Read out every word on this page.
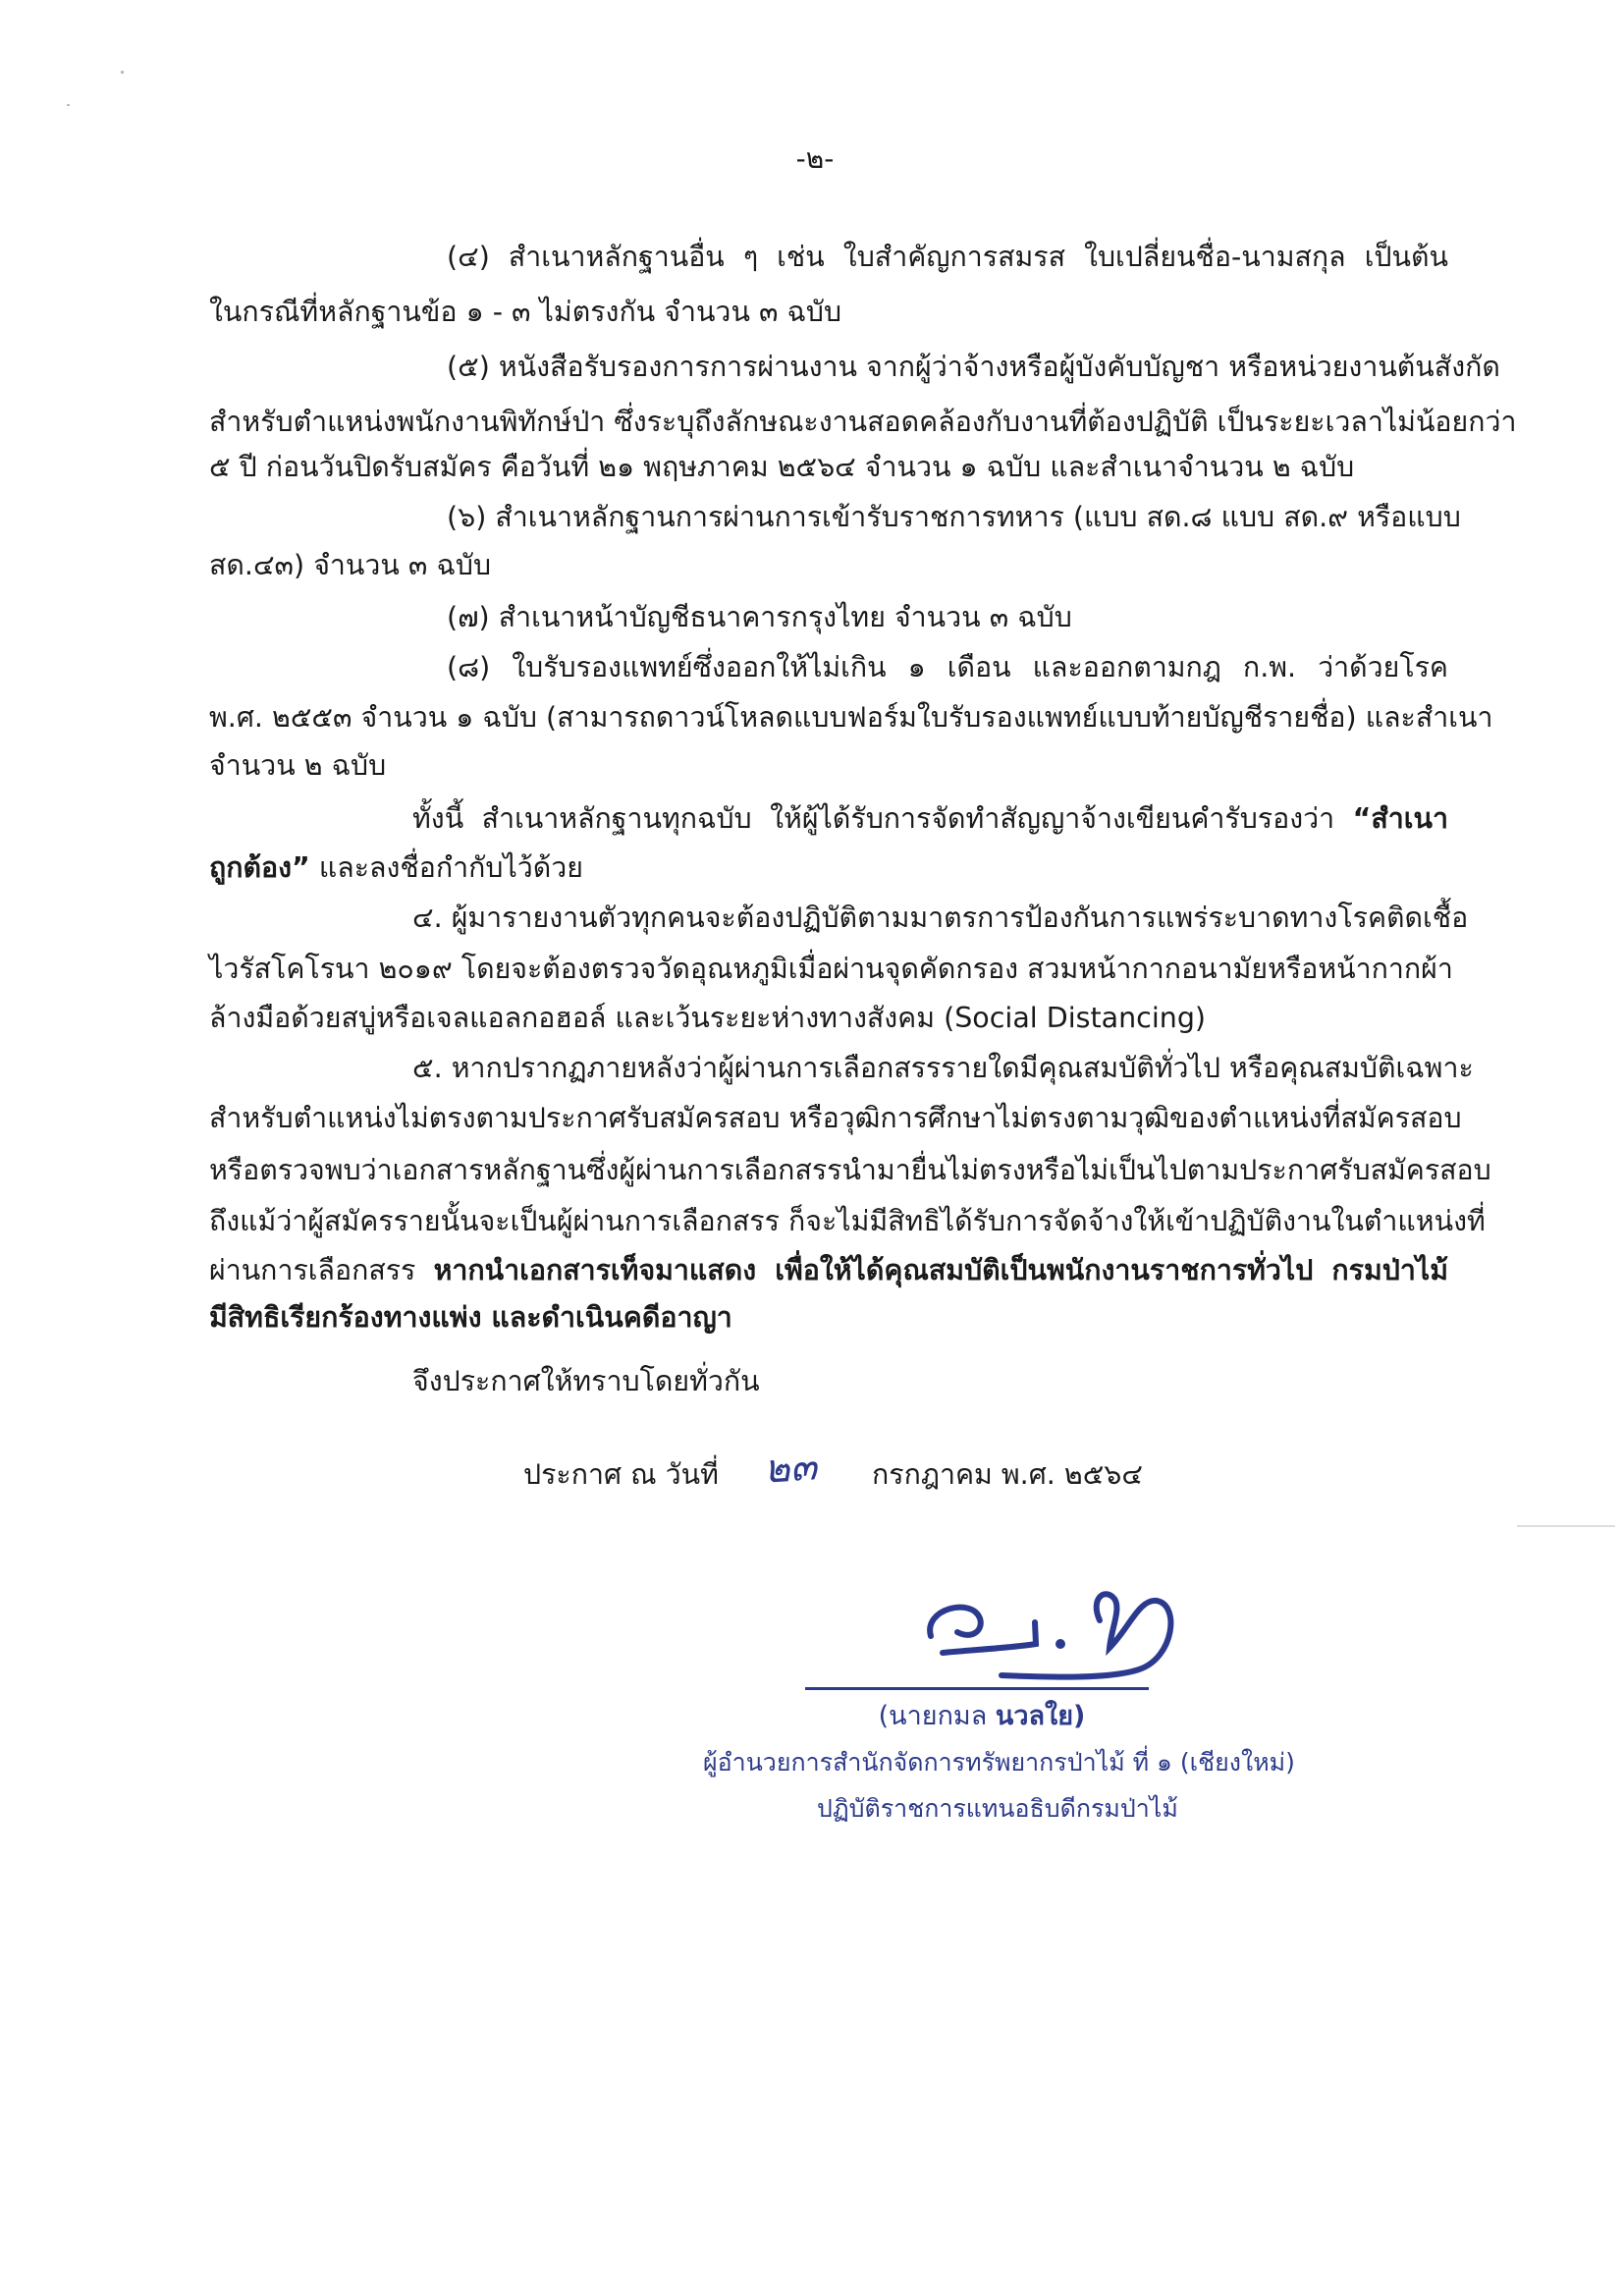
-๒-
(๔) สำเนาหลักฐานอื่น ๆ เช่น ใบสำคัญการสมรส ใบเปลี่ยนชื่อ-นามสกุล เป็นต้น
ในกรณีที่หลักฐานข้อ ๑ - ๓ ไม่ตรงกัน จำนวน ๓ ฉบับ
(๕) หนังสือรับรองการการผ่านงาน จากผู้ว่าจ้างหรือผู้บังคับบัญชา หรือหน่วยงานต้นสังกัด
สำหรับตำแหน่งพนักงานพิทักษ์ป่า ซึ่งระบุถึงลักษณะงานสอดคล้องกับงานที่ต้องปฏิบัติ เป็นระยะเวลาไม่น้อยกว่า
๕ ปี ก่อนวันปิดรับสมัคร คือวันที่ ๒๑ พฤษภาคม ๒๕๖๔ จำนวน ๑ ฉบับ และสำเนาจำนวน ๒ ฉบับ
(๖) สำเนาหลักฐานการผ่านการเข้ารับราชการทหาร (แบบ สด.๘ แบบ สด.๙ หรือแบบ
สด.๔๓) จำนวน ๓ ฉบับ
(๗) สำเนาหน้าบัญชีธนาคารกรุงไทย จำนวน ๓ ฉบับ
(๘) ใบรับรองแพทย์ซึ่งออกให้ไม่เกิน ๑ เดือน และออกตามกฎ ก.พ. ว่าด้วยโรค
พ.ศ. ๒๕๕๓ จำนวน ๑ ฉบับ (สามารถดาวน์โหลดแบบฟอร์มใบรับรองแพทย์แบบท้ายบัญชีรายชื่อ) และสำเนา
จำนวน ๒ ฉบับ
ทั้งนี้ สำเนาหลักฐานทุกฉบับ ให้ผู้ได้รับการจัดทำสัญญาจ้างเขียนคำรับรองว่า “สำเนา
ถูกต้อง” และลงชื่อกำกับไว้ด้วย
๔. ผู้มารายงานตัวทุกคนจะต้องปฏิบัติตามมาตรการป้องกันการแพร่ระบาดทางโรคติดเชื้อ
ไวรัสโคโรนา ๒๐๑๙ โดยจะต้องตรวจวัดอุณหภูมิเมื่อผ่านจุดคัดกรอง สวมหน้ากากอนามัยหรือหน้ากากผ้า
ล้างมือด้วยสบู่หรือเจลแอลกอฮอล์ และเว้นระยะห่างทางสังคม (Social Distancing)
๕. หากปรากฏภายหลังว่าผู้ผ่านการเลือกสรรรายใดมีคุณสมบัติทั่วไป หรือคุณสมบัติเฉพาะ
สำหรับตำแหน่งไม่ตรงตามประกาศรับสมัครสอบ หรือวุฒิการศึกษาไม่ตรงตามวุฒิของตำแหน่งที่สมัครสอบ
หรือตรวจพบว่าเอกสารหลักฐานซึ่งผู้ผ่านการเลือกสรรนำมายื่นไม่ตรงหรือไม่เป็นไปตามประกาศรับสมัครสอบ
ถึงแม้ว่าผู้สมัครรายนั้นจะเป็นผู้ผ่านการเลือกสรร ก็จะไม่มีสิทธิได้รับการจัดจ้างให้เข้าปฏิบัติงานในตำแหน่งที่
ผ่านการเลือกสรร หากนำเอกสารเท็จมาแสดง เพื่อให้ได้คุณสมบัติเป็นพนักงานราชการทั่วไป กรมป่าไม้
มีสิทธิเรียกร้องทางแพ่ง และดำเนินคดีอาญา
จึงประกาศให้ทราบโดยทั่วกัน
ประกาศ ณ วันที่ ๒๓ กรกฎาคม พ.ศ. ๒๕๖๔
(นายกมล นวลใย)
ผู้อำนวยการสำนักจัดการทรัพยากรป่าไม้ ที่ ๑ (เชียงใหม่)
ปฏิบัติราชการแทนอธิบดีกรมป่าไม้
